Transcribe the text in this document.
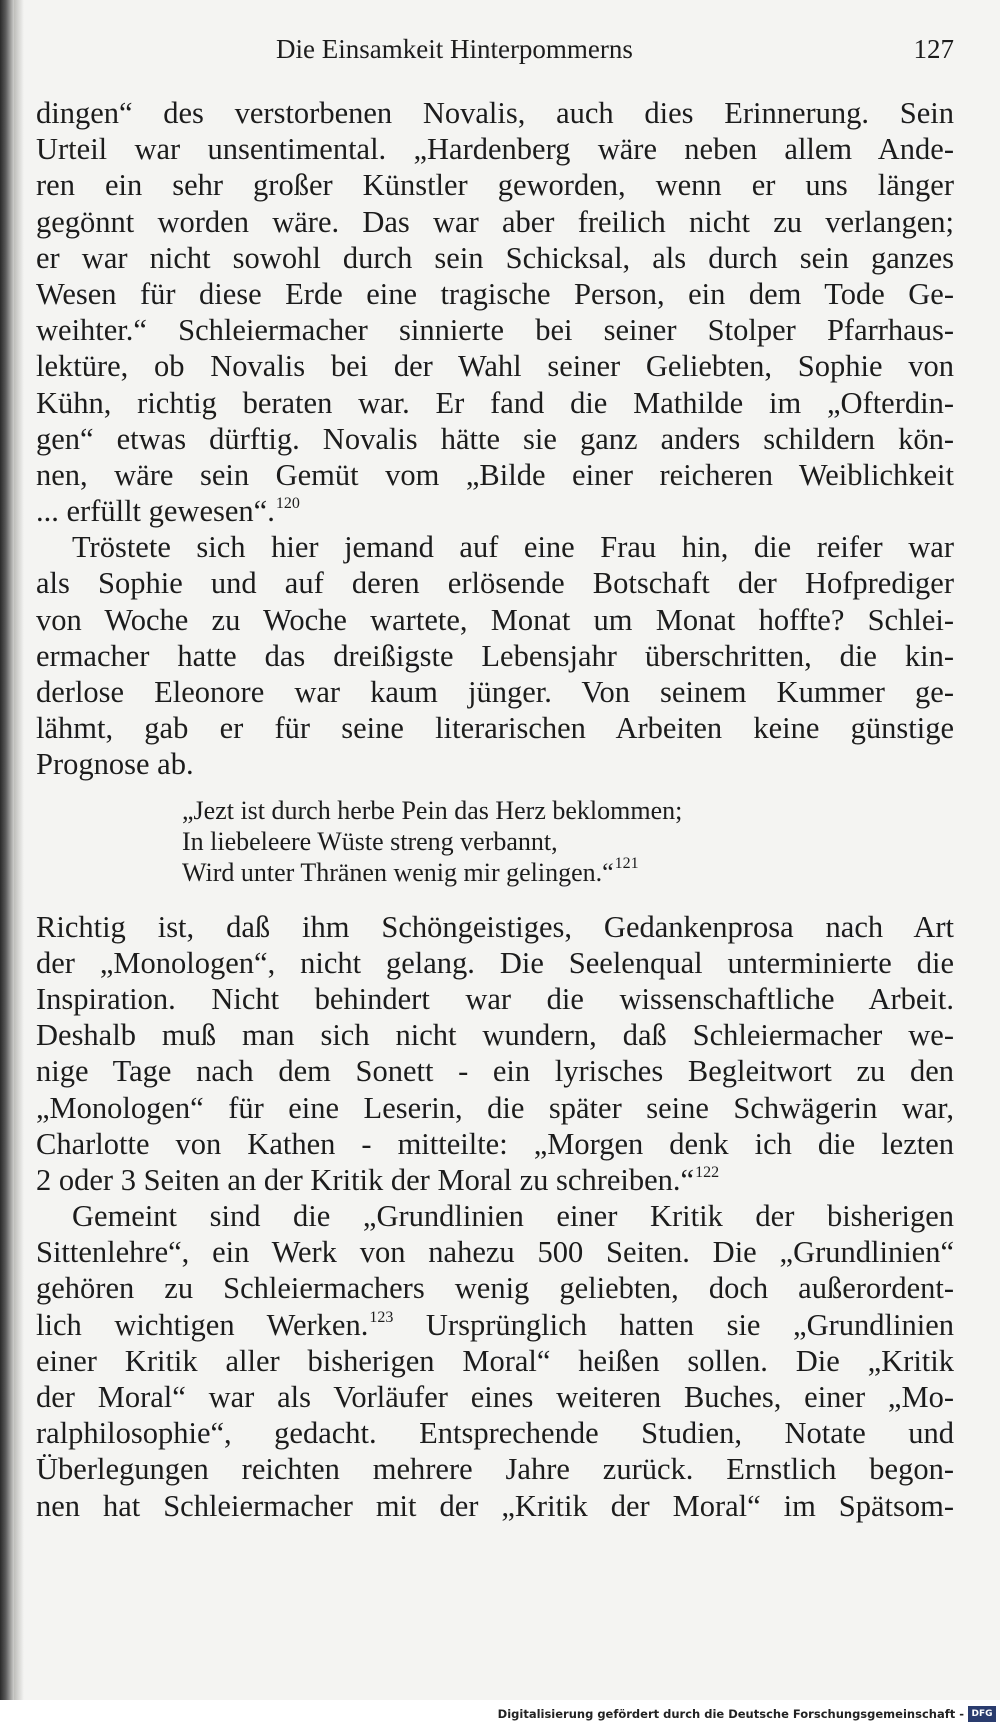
Die Einsamkeit Hinterpommerns	127
dingen“ des verstorbenen Novalis, auch dies Erinnerung. Sein
Urteil war unsentimental. „Hardenberg wäre neben allem Ande-
ren ein sehr großer Künstler geworden, wenn er uns länger
gegönnt worden wäre. Das war aber freilich nicht zu verlangen;
er war nicht sowohl durch sein Schicksal, als durch sein ganzes
Wesen für diese Erde eine tragische Person, ein dem Tode Ge-
weihter.“ Schleiermacher sinnierte bei seiner Stolper Pfarrhaus-
lektüre, ob Novalis bei der Wahl seiner Geliebten, Sophie von
Kühn, richtig beraten war. Er fand die Mathilde im „Ofterdin-
gen“ etwas dürftig. Novalis hätte sie ganz anders schildern kön-
nen, wäre sein Gemüt vom „Bilde einer reicheren Weiblichkeit
... erfüllt gewesen“.$^{120}$
Tröstete sich hier jemand auf eine Frau hin, die reifer war
als Sophie und auf deren erlösende Botschaft der Hofprediger
von Woche zu Woche wartete, Monat um Monat hoffte? Schlei-
ermacher hatte das dreißigste Lebensjahr überschritten, die kin-
derlose Eleonore war kaum jünger. Von seinem Kummer ge-
lähmt, gab er für seine literarischen Arbeiten keine günstige
Prognose ab.
„Jezt ist durch herbe Pein das Herz beklommen;
In liebeleere Wüste streng verbannt,
Wird unter Thränen wenig mir gelingen.“$^{121}$
Richtig ist, daß ihm Schöngeistiges, Gedankenprosa nach Art
der „Monologen“, nicht gelang. Die Seelenqual unterminierte die
Inspiration. Nicht behindert war die wissenschaftliche Arbeit.
Deshalb muß man sich nicht wundern, daß Schleiermacher we-
nige Tage nach dem Sonett - ein lyrisches Begleitwort zu den
„Monologen“ für eine Leserin, die später seine Schwägerin war,
Charlotte von Kathen - mitteilte: „Morgen denk ich die lezten
2 oder 3 Seiten an der Kritik der Moral zu schreiben.“$^{122}$
Gemeint sind die „Grundlinien einer Kritik der bisherigen
Sittenlehre“, ein Werk von nahezu 500 Seiten. Die „Grundlinien“
gehören zu Schleiermachers wenig geliebten, doch außerordent-
lich wichtigen Werken.$^{123}$ Ursprünglich hatten sie „Grundlinien
einer Kritik aller bisherigen Moral“ heißen sollen. Die „Kritik
der Moral“ war als Vorläufer eines weiteren Buches, einer „Mo-
ralphilosophie“, gedacht. Entsprechende Studien, Notate und
Überlegungen reichten mehrere Jahre zurück. Ernstlich begon-
nen hat Schleiermacher mit der „Kritik der Moral“ im Spätsom-
Digitalisierung gefördert durch die Deutsche Forschungsgemeinschaft - DFG
